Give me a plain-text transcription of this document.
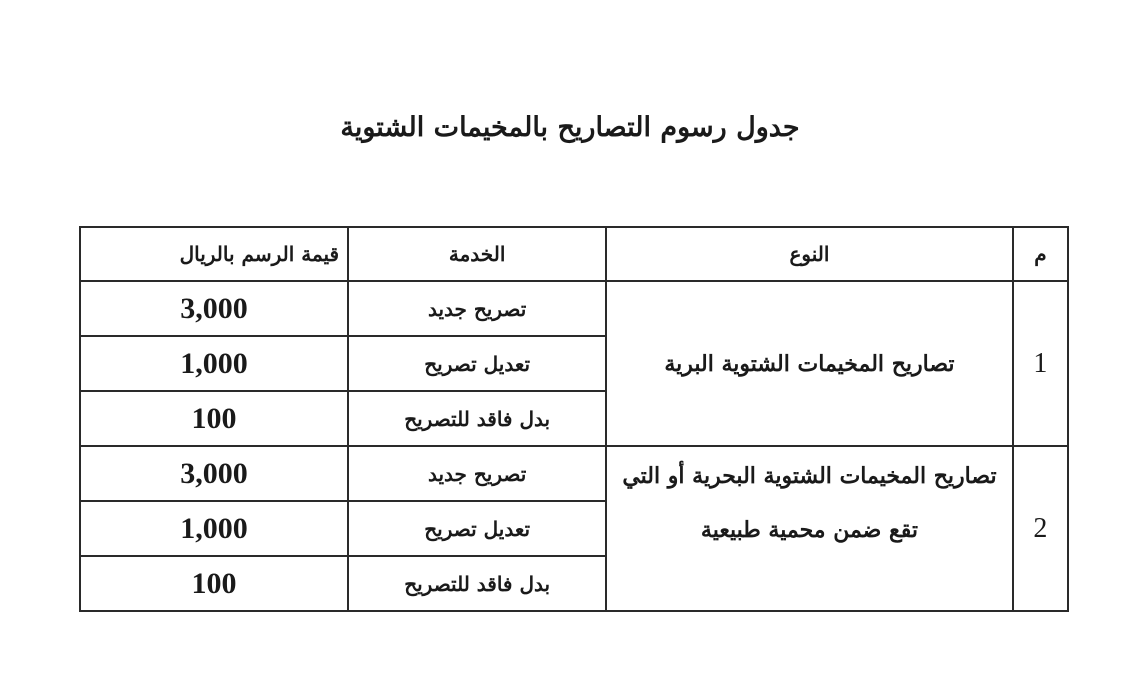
جدول رسوم التصاريح بالمخيمات الشتوية
م	النوع	الخدمة	قيمة الرسم بالريال
1	تصاريح المخيمات الشتوية البرية	تصريح جديد	3,000
		تعديل تصريح	1,000
		بدل فاقد للتصريح	100
2	تصاريح المخيمات الشتوية البحرية أو التي تقع ضمن محمية طبيعية	تصريح جديد	3,000
		تعديل تصريح	1,000
		بدل فاقد للتصريح	100
